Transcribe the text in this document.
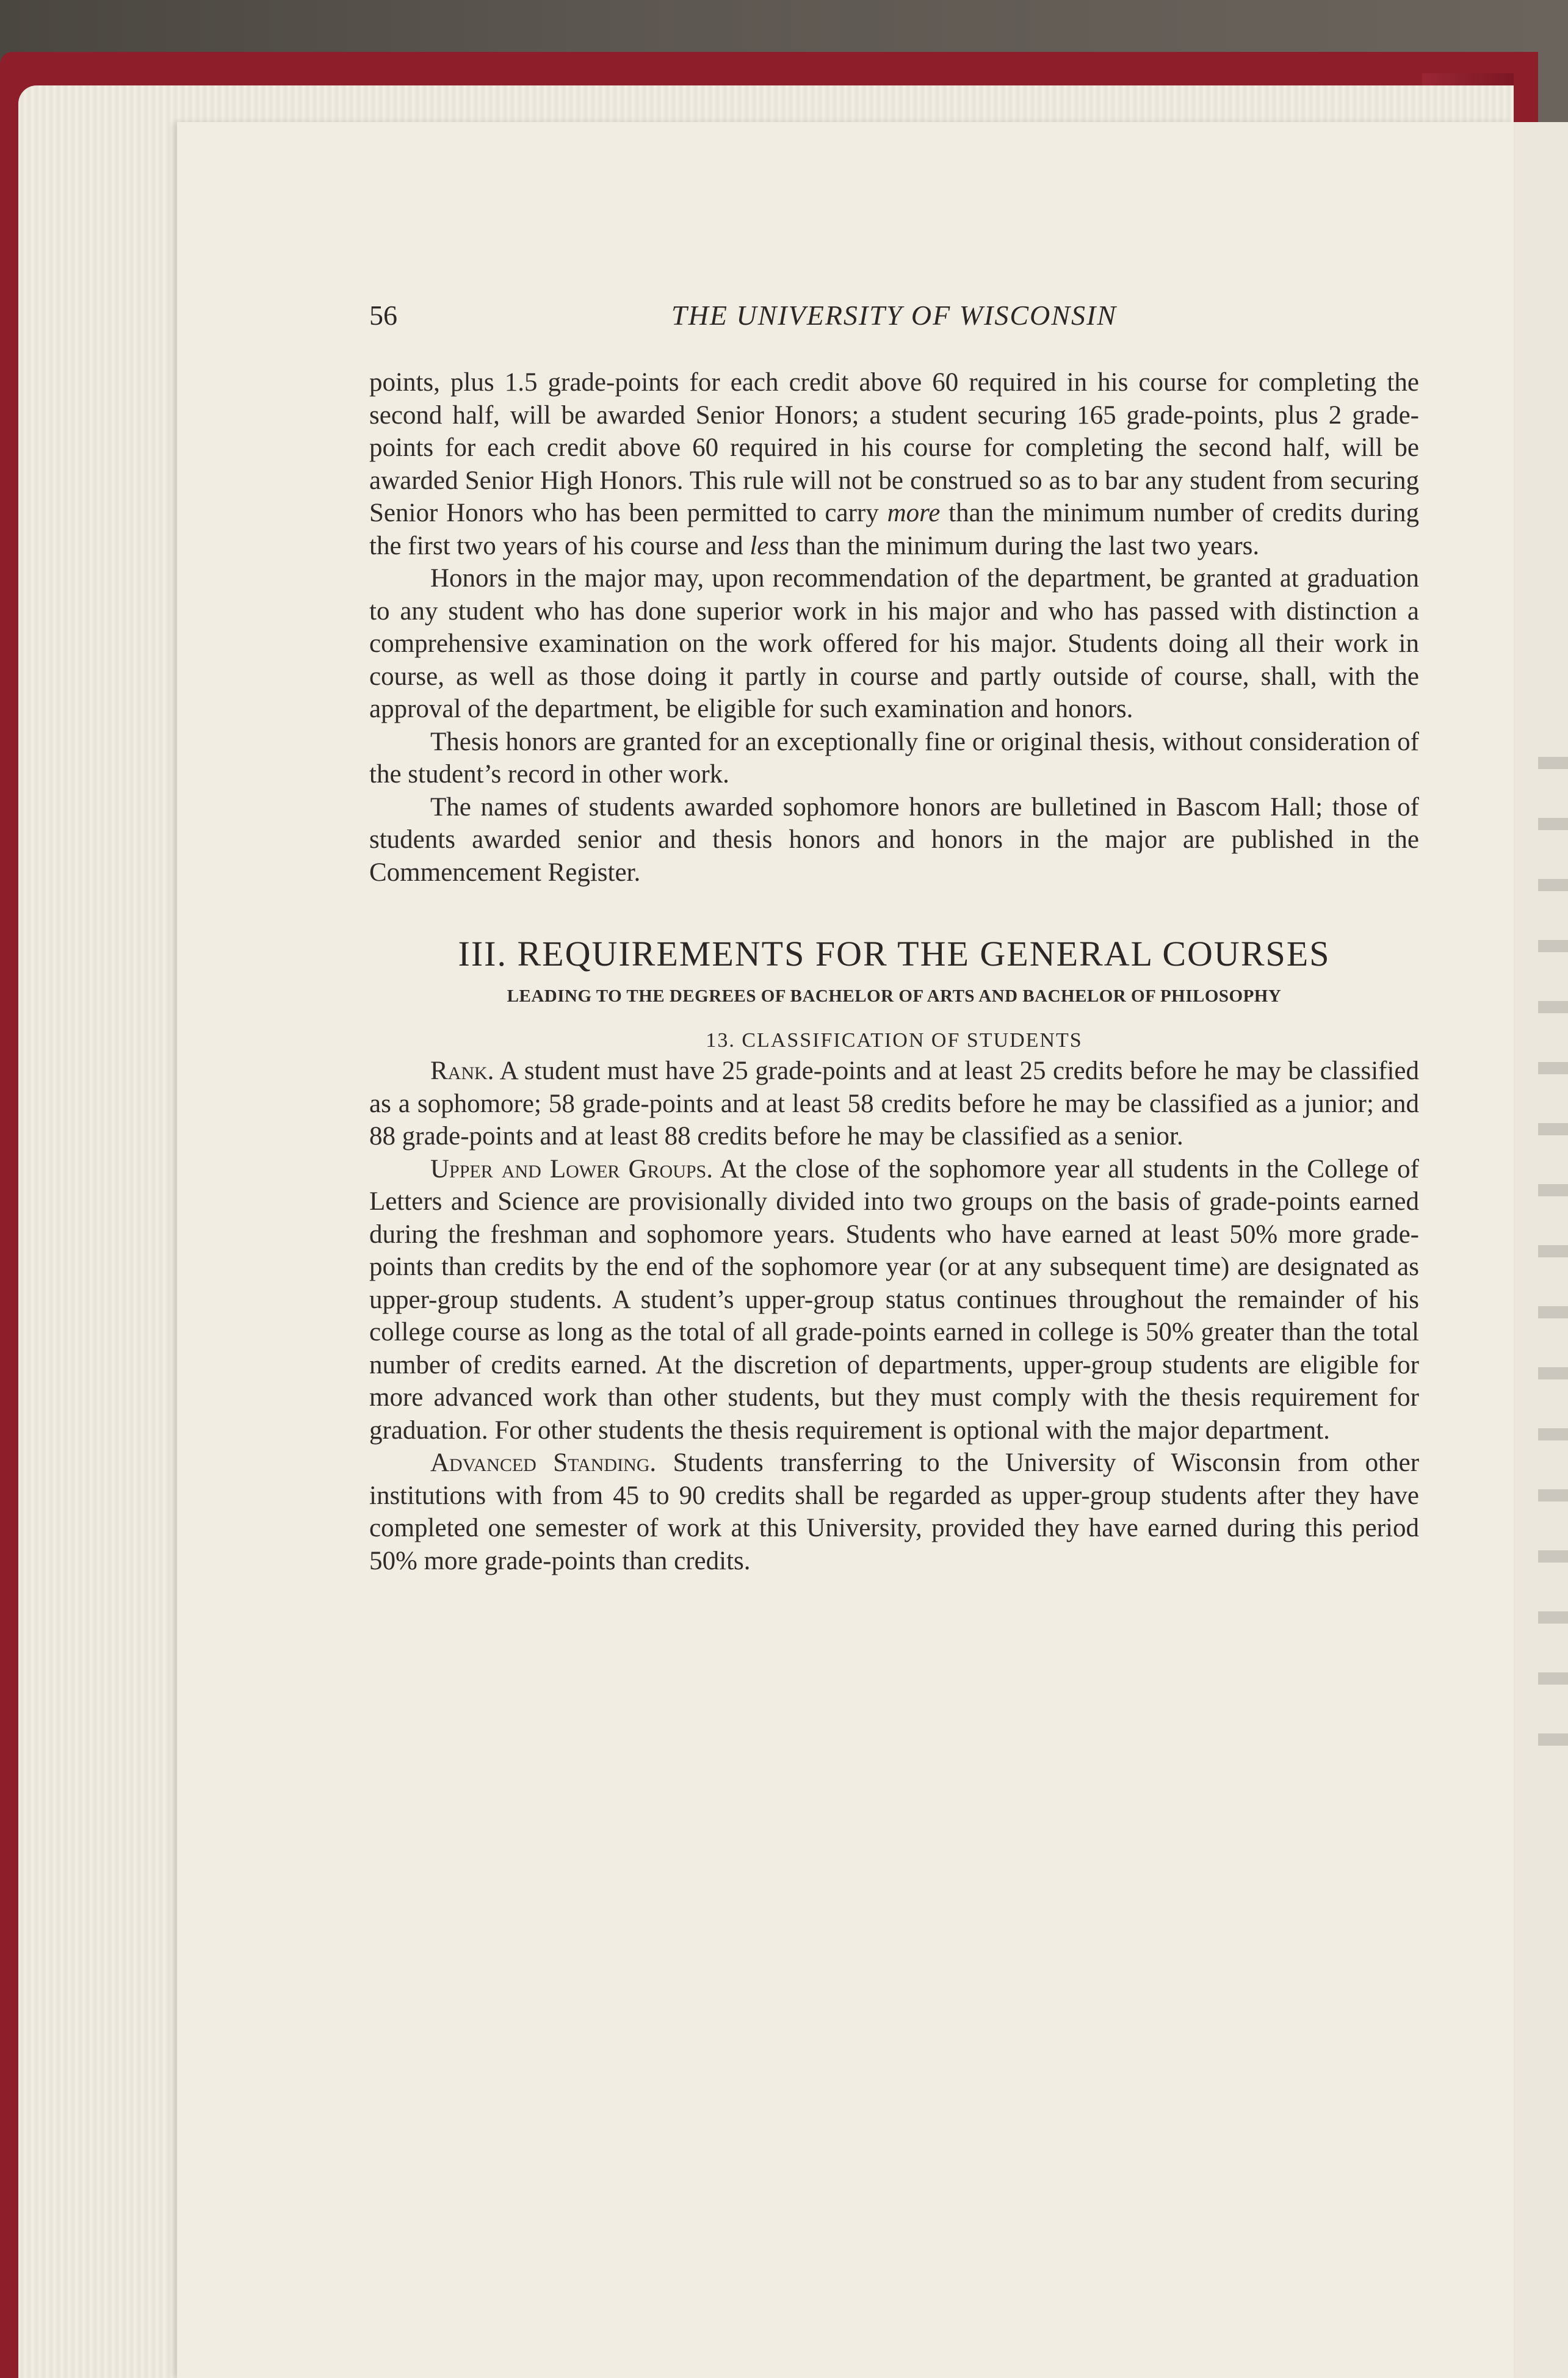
56	THE UNIVERSITY OF WISCONSIN

points, plus 1.5 grade-points for each credit above 60 required in his course for completing the second half, will be awarded Senior Honors; a student securing 165 grade-points, plus 2 grade-points for each credit above 60 required in his course for completing the second half, will be awarded Senior High Honors. This rule will not be construed so as to bar any student from securing Senior Honors who has been permitted to carry more than the minimum number of credits during the first two years of his course and less than the minimum during the last two years.

Honors in the major may, upon recommendation of the department, be granted at graduation to any student who has done superior work in his major and who has passed with distinction a comprehensive examination on the work offered for his major. Students doing all their work in course, as well as those doing it partly in course and partly outside of course, shall, with the approval of the department, be eligible for such examination and honors.

Thesis honors are granted for an exceptionally fine or original thesis, without consideration of the student’s record in other work.

The names of students awarded sophomore honors are bulletined in Bascom Hall; those of students awarded senior and thesis honors and honors in the major are published in the Commencement Register.

III. REQUIREMENTS FOR THE GENERAL COURSES
LEADING TO THE DEGREES OF BACHELOR OF ARTS AND BACHELOR OF PHILOSOPHY
13. CLASSIFICATION OF STUDENTS

Rank. A student must have 25 grade-points and at least 25 credits before he may be classified as a sophomore; 58 grade-points and at least 58 credits before he may be classified as a junior; and 88 grade-points and at least 88 credits before he may be classified as a senior.

Upper and Lower Groups. At the close of the sophomore year all students in the College of Letters and Science are provisionally divided into two groups on the basis of grade-points earned during the freshman and sophomore years. Students who have earned at least 50% more grade-points than credits by the end of the sophomore year (or at any subsequent time) are designated as upper-group students. A student’s upper-group status continues throughout the remainder of his college course as long as the total of all grade-points earned in college is 50% greater than the total number of credits earned. At the discretion of departments, upper-group students are eligible for more advanced work than other students, but they must comply with the thesis requirement for graduation. For other students the thesis requirement is optional with the major department.

Advanced Standing. Students transferring to the University of Wisconsin from other institutions with from 45 to 90 credits shall be regarded as upper-group students after they have completed one semester of work at this University, provided they have earned during this period 50% more grade-points than credits.
